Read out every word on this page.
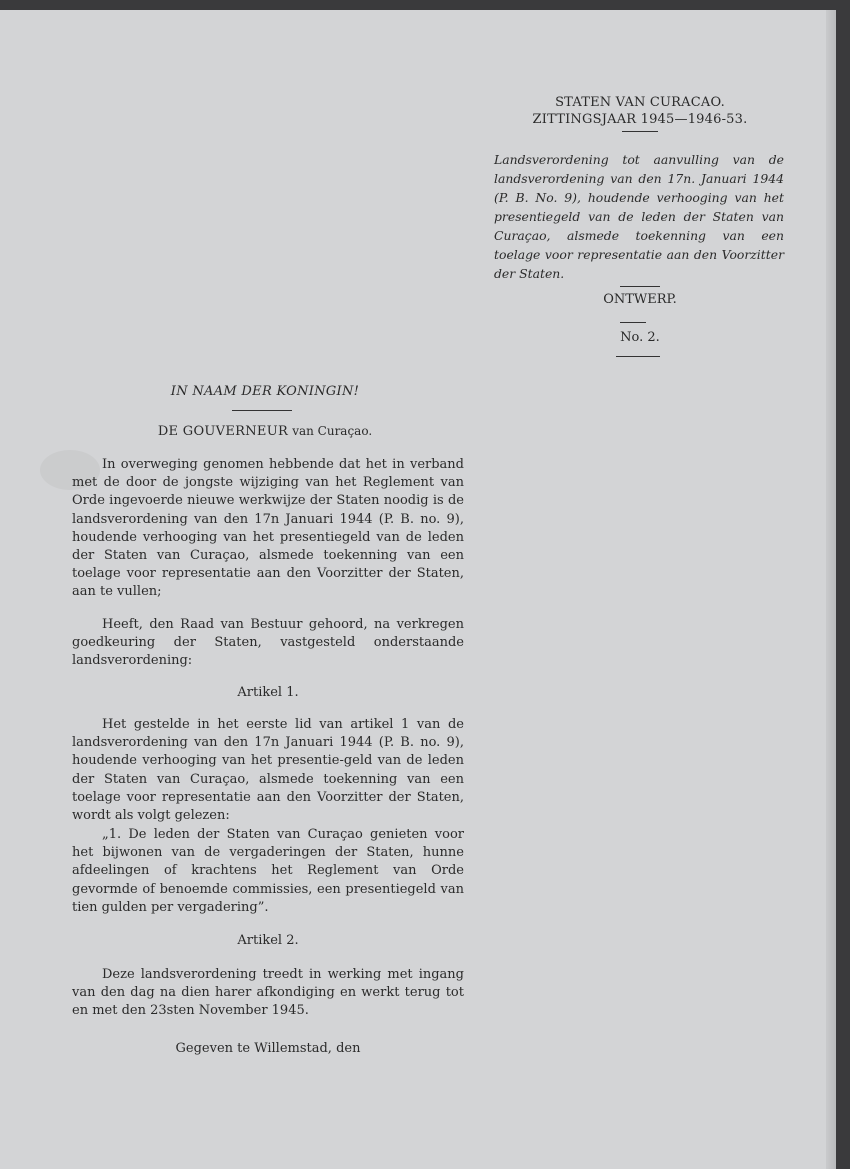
STATEN VAN CURACAO.
ZITTINGSJAAR 1945—1946-53.

Landsverordening tot aanvulling van de landsverordening van den 17n. Januari 1944 (P. B. No. 9), houdende verhooging van het presentiegeld van de leden der Staten van Curaçao, alsmede toekenning van een toelage voor representatie aan den Voorzitter der Staten.

ONTWERP.
No. 2.
IN NAAM DER KONINGIN!
DE GOUVERNEUR van Curaçao.

In overweging genomen hebbende dat het in verband met de door de jongste wijziging van het Reglement van Orde ingevoerde nieuwe werkwijze der Staten noodig is de landsverordening van den 17n Januari 1944 (P. B. no. 9), houdende verhooging van het presentiegeld van de leden der Staten van Curaçao, alsmede toekenning van een toelage voor representatie aan den Voorzitter der Staten, aan te vullen;

Heeft, den Raad van Bestuur gehoord, na verkregen goedkeuring der Staten, vastgesteld onderstaande landsverordening:

Artikel 1.

Het gestelde in het eerste lid van artikel 1 van de landsverordening van den 17n Januari 1944 (P. B. no. 9), houdende verhooging van het presentie-geld van de leden der Staten van Curaçao, alsmede toekenning van een toelage voor representatie aan den Voorzitter der Staten, wordt als volgt gelezen:

„1. De leden der Staten van Curaçao genieten voor het bijwonen van de vergaderingen der Staten, hunne afdeelingen of krachtens het Reglement van Orde gevormde of benoemde commissies, een presentiegeld van tien gulden per vergadering”.

Artikel 2.

Deze landsverordening treedt in werking met ingang van den dag na dien harer afkondiging en werkt terug tot en met den 23sten November 1945.

Gegeven te Willemstad, den
